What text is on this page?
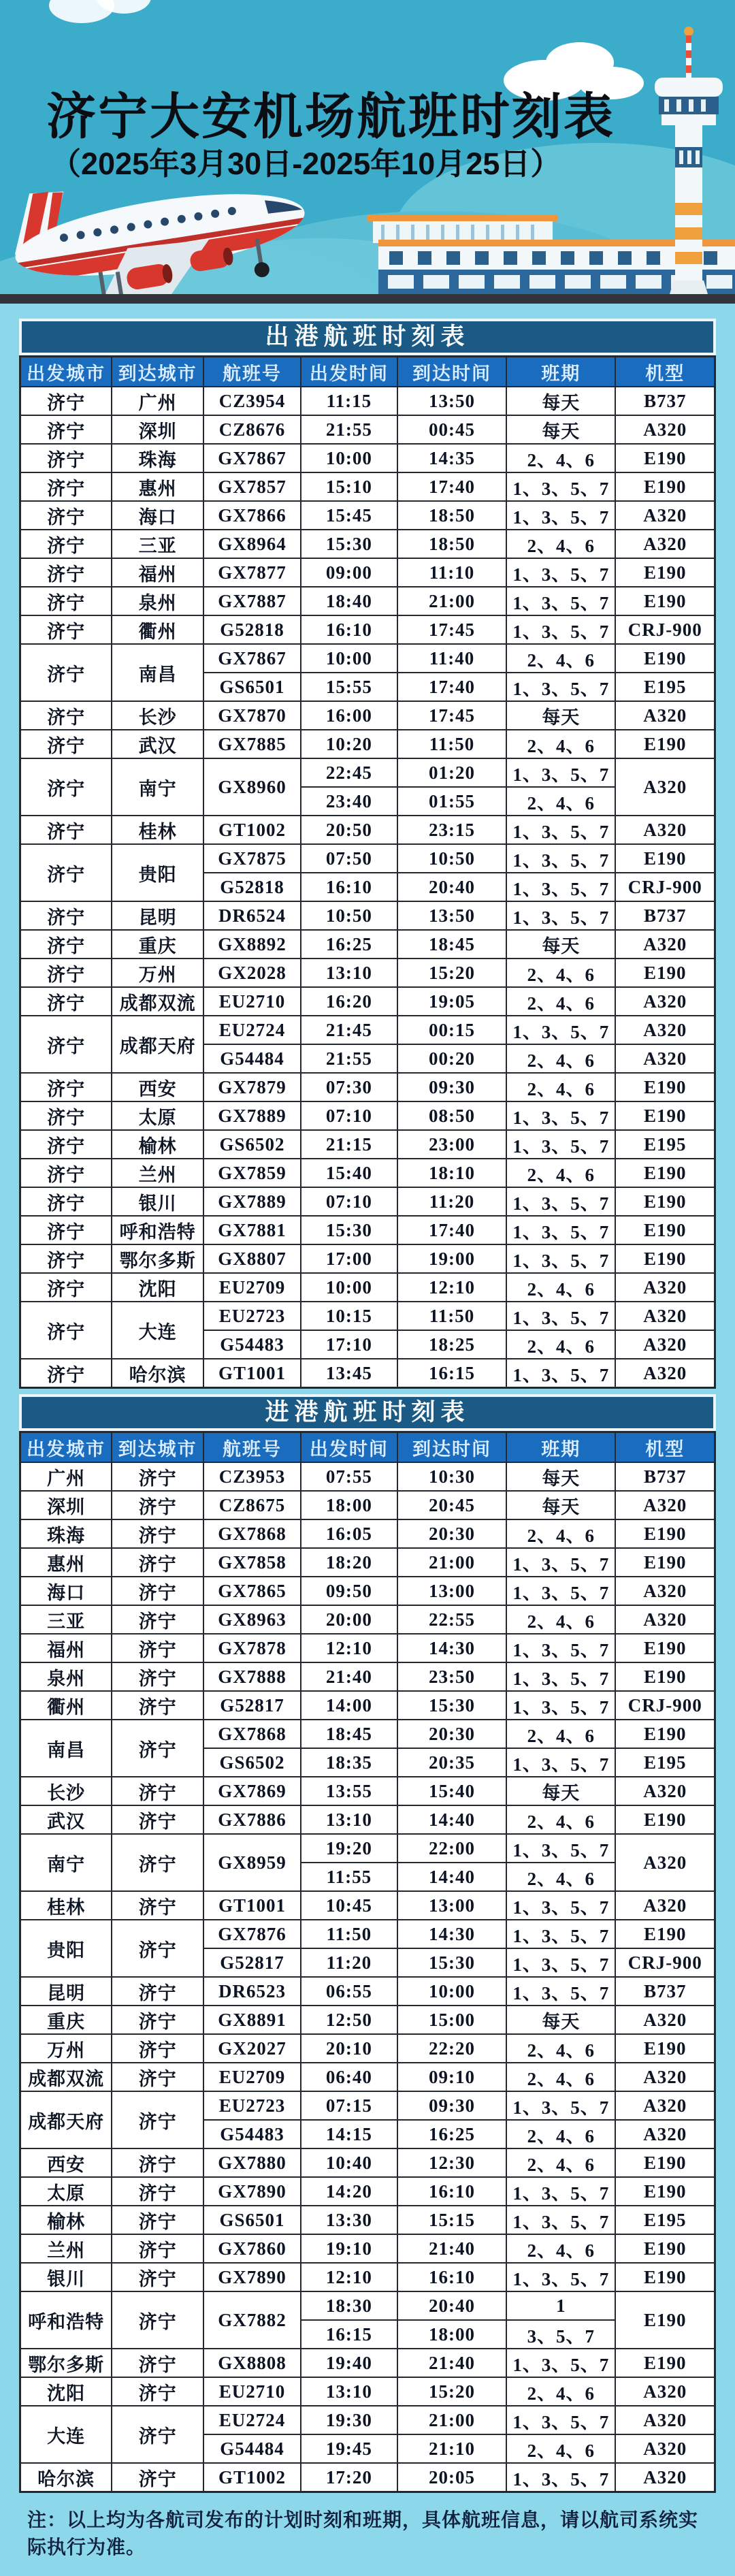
济宁大安机场航班时刻表
（2025年3月30日-2025年10月25日）
出港航班时刻表
出发城市	到达城市	航班号	出发时间	到达时间	班期	机型
济宁	广州	CZ3954	11:15	13:50	每天	B737
济宁	深圳	CZ8676	21:55	00:45	每天	A320
济宁	珠海	GX7867	10:00	14:35	2、4、6	E190
济宁	惠州	GX7857	15:10	17:40	1、3、5、7	E190
济宁	海口	GX7866	15:45	18:50	1、3、5、7	A320
济宁	三亚	GX8964	15:30	18:50	2、4、6	A320
济宁	福州	GX7877	09:00	11:10	1、3、5、7	E190
济宁	泉州	GX7887	18:40	21:00	1、3、5、7	E190
济宁	衢州	G52818	16:10	17:45	1、3、5、7	CRJ-900
济宁	南昌	GX7867	10:00	11:40	2、4、6	E190
		GS6501	15:55	17:40	1、3、5、7	E195
济宁	长沙	GX7870	16:00	17:45	每天	A320
济宁	武汉	GX7885	10:20	11:50	2、4、6	E190
济宁	南宁	GX8960	22:45	01:20	1、3、5、7	A320
			23:40	01:55	2、4、6	
济宁	桂林	GT1002	20:50	23:15	1、3、5、7	A320
济宁	贵阳	GX7875	07:50	10:50	1、3、5、7	E190
		G52818	16:10	20:40	1、3、5、7	CRJ-900
济宁	昆明	DR6524	10:50	13:50	1、3、5、7	B737
济宁	重庆	GX8892	16:25	18:45	每天	A320
济宁	万州	GX2028	13:10	15:20	2、4、6	E190
济宁	成都双流	EU2710	16:20	19:05	2、4、6	A320
济宁	成都天府	EU2724	21:45	00:15	1、3、5、7	A320
		G54484	21:55	00:20	2、4、6	A320
济宁	西安	GX7879	07:30	09:30	2、4、6	E190
济宁	太原	GX7889	07:10	08:50	1、3、5、7	E190
济宁	榆林	GS6502	21:15	23:00	1、3、5、7	E195
济宁	兰州	GX7859	15:40	18:10	2、4、6	E190
济宁	银川	GX7889	07:10	11:20	1、3、5、7	E190
济宁	呼和浩特	GX7881	15:30	17:40	1、3、5、7	E190
济宁	鄂尔多斯	GX8807	17:00	19:00	1、3、5、7	E190
济宁	沈阳	EU2709	10:00	12:10	2、4、6	A320
济宁	大连	EU2723	10:15	11:50	1、3、5、7	A320
		G54483	17:10	18:25	2、4、6	A320
济宁	哈尔滨	GT1001	13:45	16:15	1、3、5、7	A320
进港航班时刻表
出发城市	到达城市	航班号	出发时间	到达时间	班期	机型
广州	济宁	CZ3953	07:55	10:30	每天	B737
深圳	济宁	CZ8675	18:00	20:45	每天	A320
珠海	济宁	GX7868	16:05	20:30	2、4、6	E190
惠州	济宁	GX7858	18:20	21:00	1、3、5、7	E190
海口	济宁	GX7865	09:50	13:00	1、3、5、7	A320
三亚	济宁	GX8963	20:00	22:55	2、4、6	A320
福州	济宁	GX7878	12:10	14:30	1、3、5、7	E190
泉州	济宁	GX7888	21:40	23:50	1、3、5、7	E190
衢州	济宁	G52817	14:00	15:30	1、3、5、7	CRJ-900
南昌	济宁	GX7868	18:45	20:30	2、4、6	E190
		GS6502	18:35	20:35	1、3、5、7	E195
长沙	济宁	GX7869	13:55	15:40	每天	A320
武汉	济宁	GX7886	13:10	14:40	2、4、6	E190
南宁	济宁	GX8959	19:20	22:00	1、3、5、7	A320
			11:55	14:40	2、4、6	
桂林	济宁	GT1001	10:45	13:00	1、3、5、7	A320
贵阳	济宁	GX7876	11:50	14:30	1、3、5、7	E190
		G52817	11:20	15:30	1、3、5、7	CRJ-900
昆明	济宁	DR6523	06:55	10:00	1、3、5、7	B737
重庆	济宁	GX8891	12:50	15:00	每天	A320
万州	济宁	GX2027	20:10	22:20	2、4、6	E190
成都双流	济宁	EU2709	06:40	09:10	2、4、6	A320
成都天府	济宁	EU2723	07:15	09:30	1、3、5、7	A320
		G54483	14:15	16:25	2、4、6	A320
西安	济宁	GX7880	10:40	12:30	2、4、6	E190
太原	济宁	GX7890	14:20	16:10	1、3、5、7	E190
榆林	济宁	GS6501	13:30	15:15	1、3、5、7	E195
兰州	济宁	GX7860	19:10	21:40	2、4、6	E190
银川	济宁	GX7890	12:10	16:10	1、3、5、7	E190
呼和浩特	济宁	GX7882	18:30	20:40	1	E190
			16:15	18:00	3、5、7	
鄂尔多斯	济宁	GX8808	19:40	21:40	1、3、5、7	E190
沈阳	济宁	EU2710	13:10	15:20	2、4、6	A320
大连	济宁	EU2724	19:30	21:00	1、3、5、7	A320
		G54484	19:45	21:10	2、4、6	A320
哈尔滨	济宁	GT1002	17:20	20:05	1、3、5、7	A320
注：以上均为各航司发布的计划时刻和班期，具体航班信息，请以航司系统实际执行为准。
